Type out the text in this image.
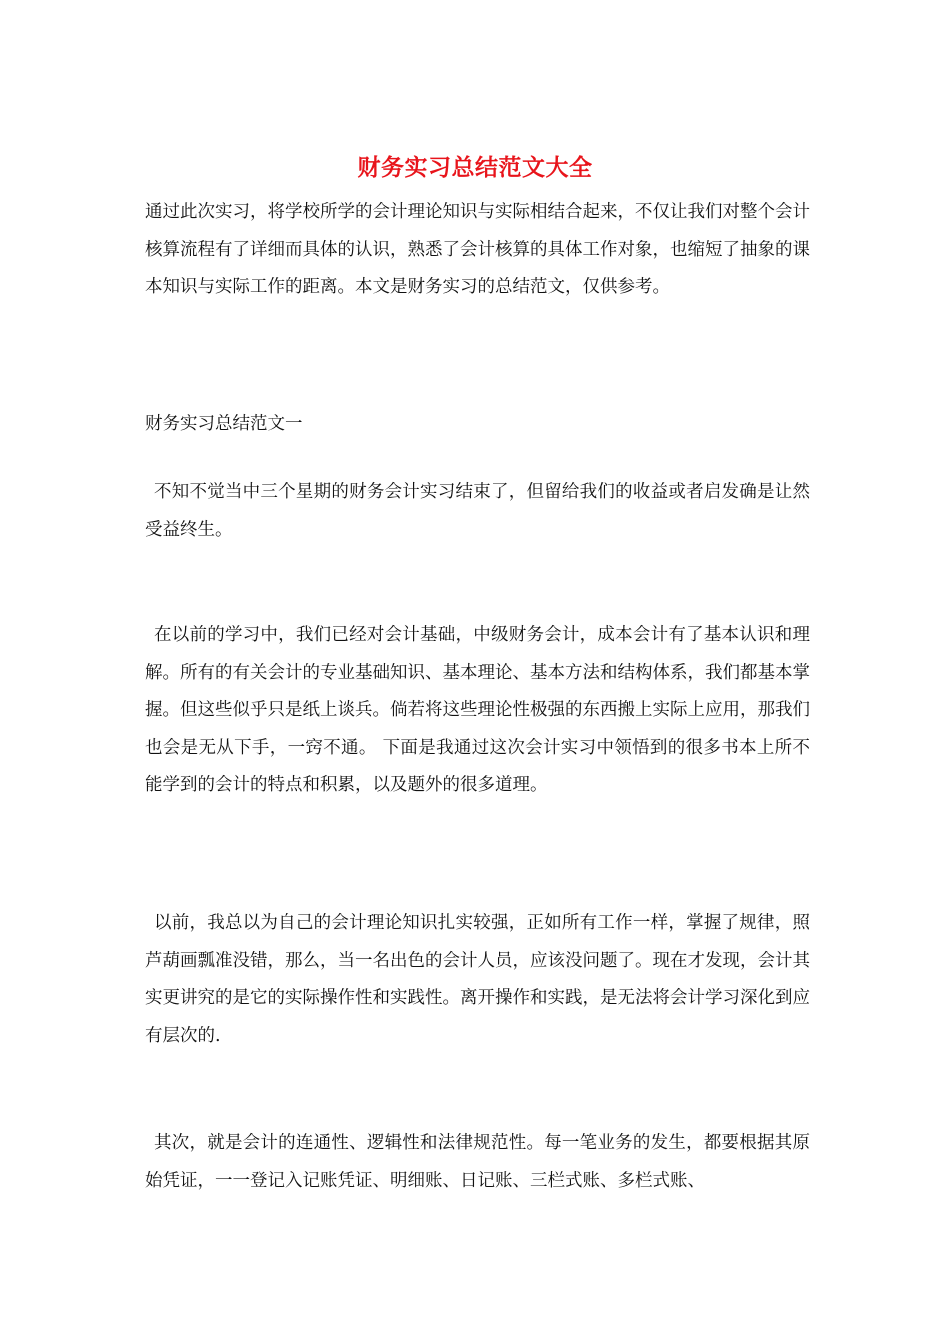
财务实习总结范文大全

通过此次实习，将学校所学的会计理论知识与实际相结合起来，不仅让我们对整个会计核算流程有了详细而具体的认识，熟悉了会计核算的具体工作对象，也缩短了抽象的课本知识与实际工作的距离。本文是财务实习的总结范文，仅供参考。

财务实习总结范文一

不知不觉当中三个星期的财务会计实习结束了，但留给我们的收益或者启发确是让然受益终生。

在以前的学习中，我们已经对会计基础，中级财务会计，成本会计有了基本认识和理解。所有的有关会计的专业基础知识、基本理论、基本方法和结构体系，我们都基本掌握。但这些似乎只是纸上谈兵。倘若将这些理论性极强的东西搬上实际上应用，那我们也会是无从下手，一窍不通。 下面是我通过这次会计实习中领悟到的很多书本上所不能学到的会计的特点和积累，以及题外的很多道理。

以前，我总以为自己的会计理论知识扎实较强，正如所有工作一样，掌握了规律，照芦葫画瓢准没错，那么，当一名出色的会计人员，应该没问题了。现在才发现，会计其实更讲究的是它的实际操作性和实践性。离开操作和实践，是无法将会计学习深化到应有层次的.

其次，就是会计的连通性、逻辑性和法律规范性。每一笔业务的发生，都要根据其原始凭证，一一登记入记账凭证、明细账、日记账、三栏式账、多栏式账、
